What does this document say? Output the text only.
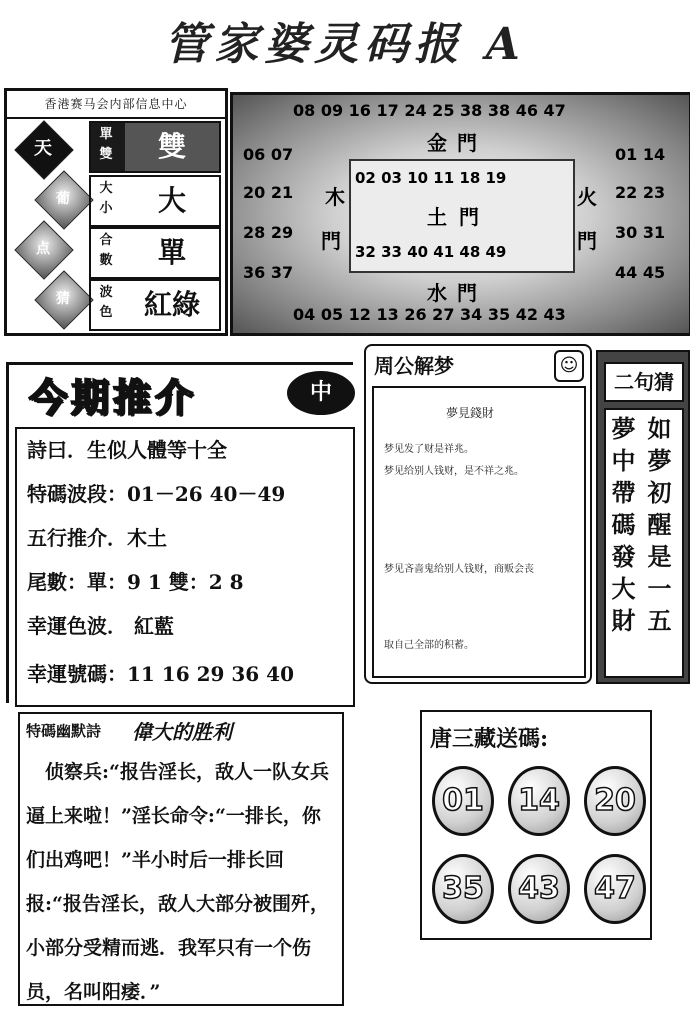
管家婆灵码报 A
香港赛马会内部信息中心
天
葡
点
猜
單
雙	雙
大
小	大
合
數	單
波
色	紅綠
08 09 16 17 24 25 38 38 46 47
04 05 12 13 26 27 34 35 42 43
06 07
20 21
28 29
36 37
01 14
22 23
30 31
44 45
金 門
木
門
火
門
水 門
02 03 10 11 18 19
土 門
32 33 40 41 48 49
今期推介	中
詩曰．生似人體等十全
特碼波段：01－26 40－49
五行推介．木土
尾數：單：9 1 雙：2 8
幸運色波． 紅藍
幸運號碼：11 16 29 36 40
周公解梦	☺
夢見錢財
梦见发了财是祥兆。
梦见给别人钱财，是不祥之兆。
梦见吝啬鬼给别人钱财，商贩会丧
取自己全部的积蓄。
二句猜
如夢初醒是一五
夢中帶碼發大財
特碼幽默詩 偉大的胜利
　侦察兵:“报告淫长，敌人一队女兵逼上来啦！”淫长命令:“一排长，你们出鸡吧！”半小时后一排长回报:“报告淫长，敌人大部分被围歼，小部分受精而逃．我军只有一个伤员，名叫阳痿．”
唐三藏送碼:
01	14	20
35	43	47
